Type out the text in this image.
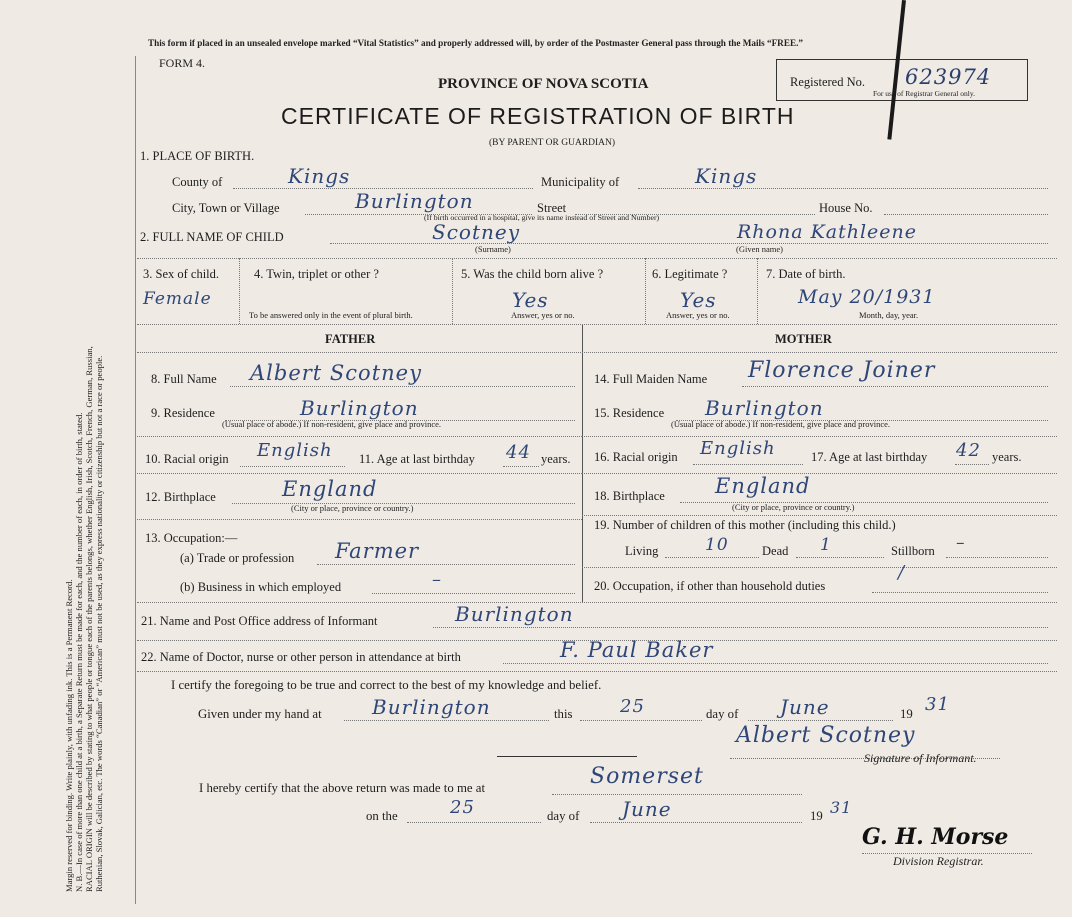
Margin reserved for binding. Write plainly, with unfading ink. This is a Permanent Record. N. B.—In case of more than one child at a birth, a Separate Return must be made for each, and the number of each, in order of birth, stated. RACIAL ORIGIN will be described by stating to what people or tongue each of the parents belongs, whether English, Irish, Scotch, French, German, Russian, Ruthenian, Slovak, Galician, etc. The words “Canadian” or “American” must not be used, as they express nationality or citizenship but not a race or people.
This form if placed in an unsealed envelope marked “Vital Statistics” and properly addressed will, by order of the Postmaster General pass through the Mails “FREE.”
FORM 4.
PROVINCE OF NOVA SCOTIA
CERTIFICATE OF REGISTRATION OF BIRTH
(BY PARENT OR GUARDIAN)
Registered No. 623974
For use of Registrar General only.
1. PLACE OF BIRTH.
County of	Kings	Municipality of	Kings
City, Town or Village	Burlington	Street	House No.
(If birth occurred in a hospital, give its name instead of Street and Number)
2. FULL NAME OF CHILD	Scotney	Rhona Kathleene
(Surname)	(Given name)
3. Sex of child.
Female
4. Twin, triplet or other ?
To be answered only in the event of plural birth.
5. Was the child born alive ?
Yes
Answer, yes or no.
6. Legitimate ?
Yes
Answer, yes or no.
7. Date of birth.
May 20/1931
Month, day, year.
FATHER	MOTHER
8. Full Name Albert Scotney
9. Residence	Burlington
(Usual place of abode.) If non-resident, give place and province.
10. Racial origin English 11. Age at last birthday 44 years.
12. Birthplace	England
(City or place, province or country.)
13. Occupation:—
(a) Trade or profession Farmer
(b) Business in which employed	–
14. Full Maiden Name Florence Joiner
15. Residence Burlington
(Usual place of abode.) If non-resident, give place and province.
16. Racial origin English	17. Age at last birthday 42 years.
18. Birthplace England
(City or place, province or country.)
19. Number of children of this mother (including this child.)
Living	10	Dead 1	Stillborn –
20. Occupation, if other than household duties
/
21. Name and Post Office address of Informant	Burlington
22. Name of Doctor, nurse or other person in attendance at birth	F. Paul Baker
I certify the foregoing to be true and correct to the best of my knowledge and belief.
Given under my hand at	Burlington	this	25	day of June	19 31
Albert Scotney
Signature of Informant.
I hereby certify that the above return was made to me at	Somerset
on the	25	day of June	19 31
G. H. Morse
Division Registrar.
